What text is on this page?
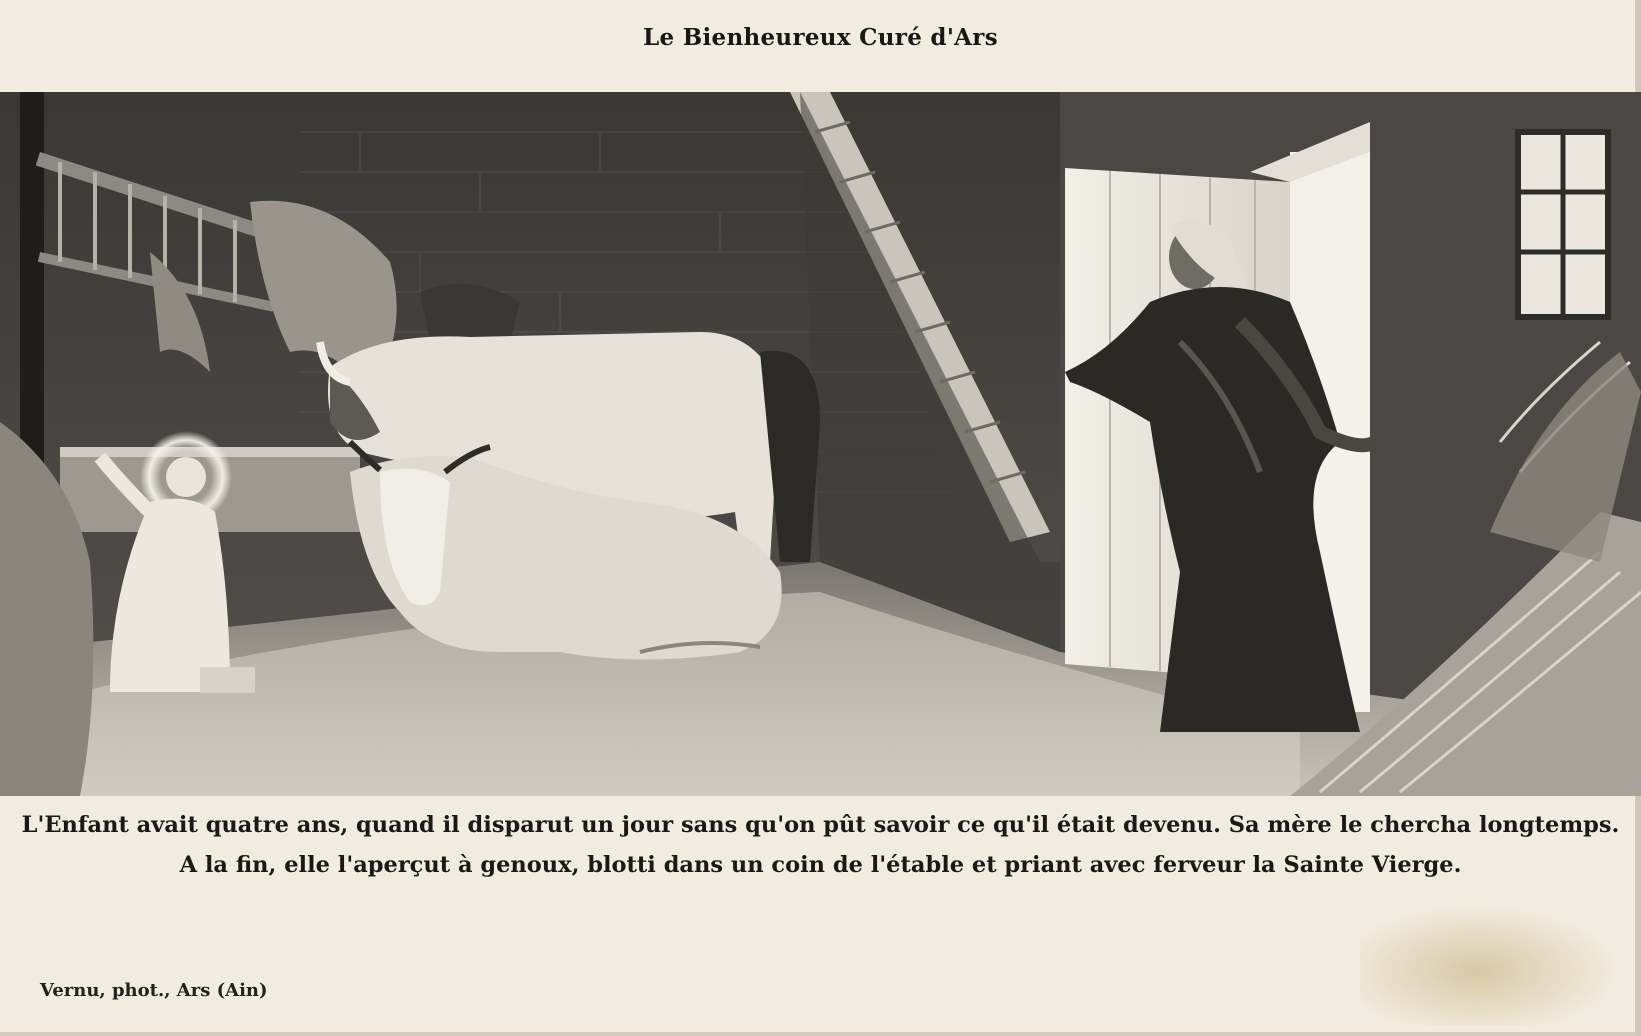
Le Bienheureux Curé d'Ars
L'Enfant avait quatre ans, quand il disparut un jour sans qu'on pût savoir ce qu'il était devenu. Sa mère le chercha longtemps.
A la fin, elle l'aperçut à genoux, blotti dans un coin de l'étable et priant avec ferveur la Sainte Vierge.
Vernu, phot., Ars (Ain)
